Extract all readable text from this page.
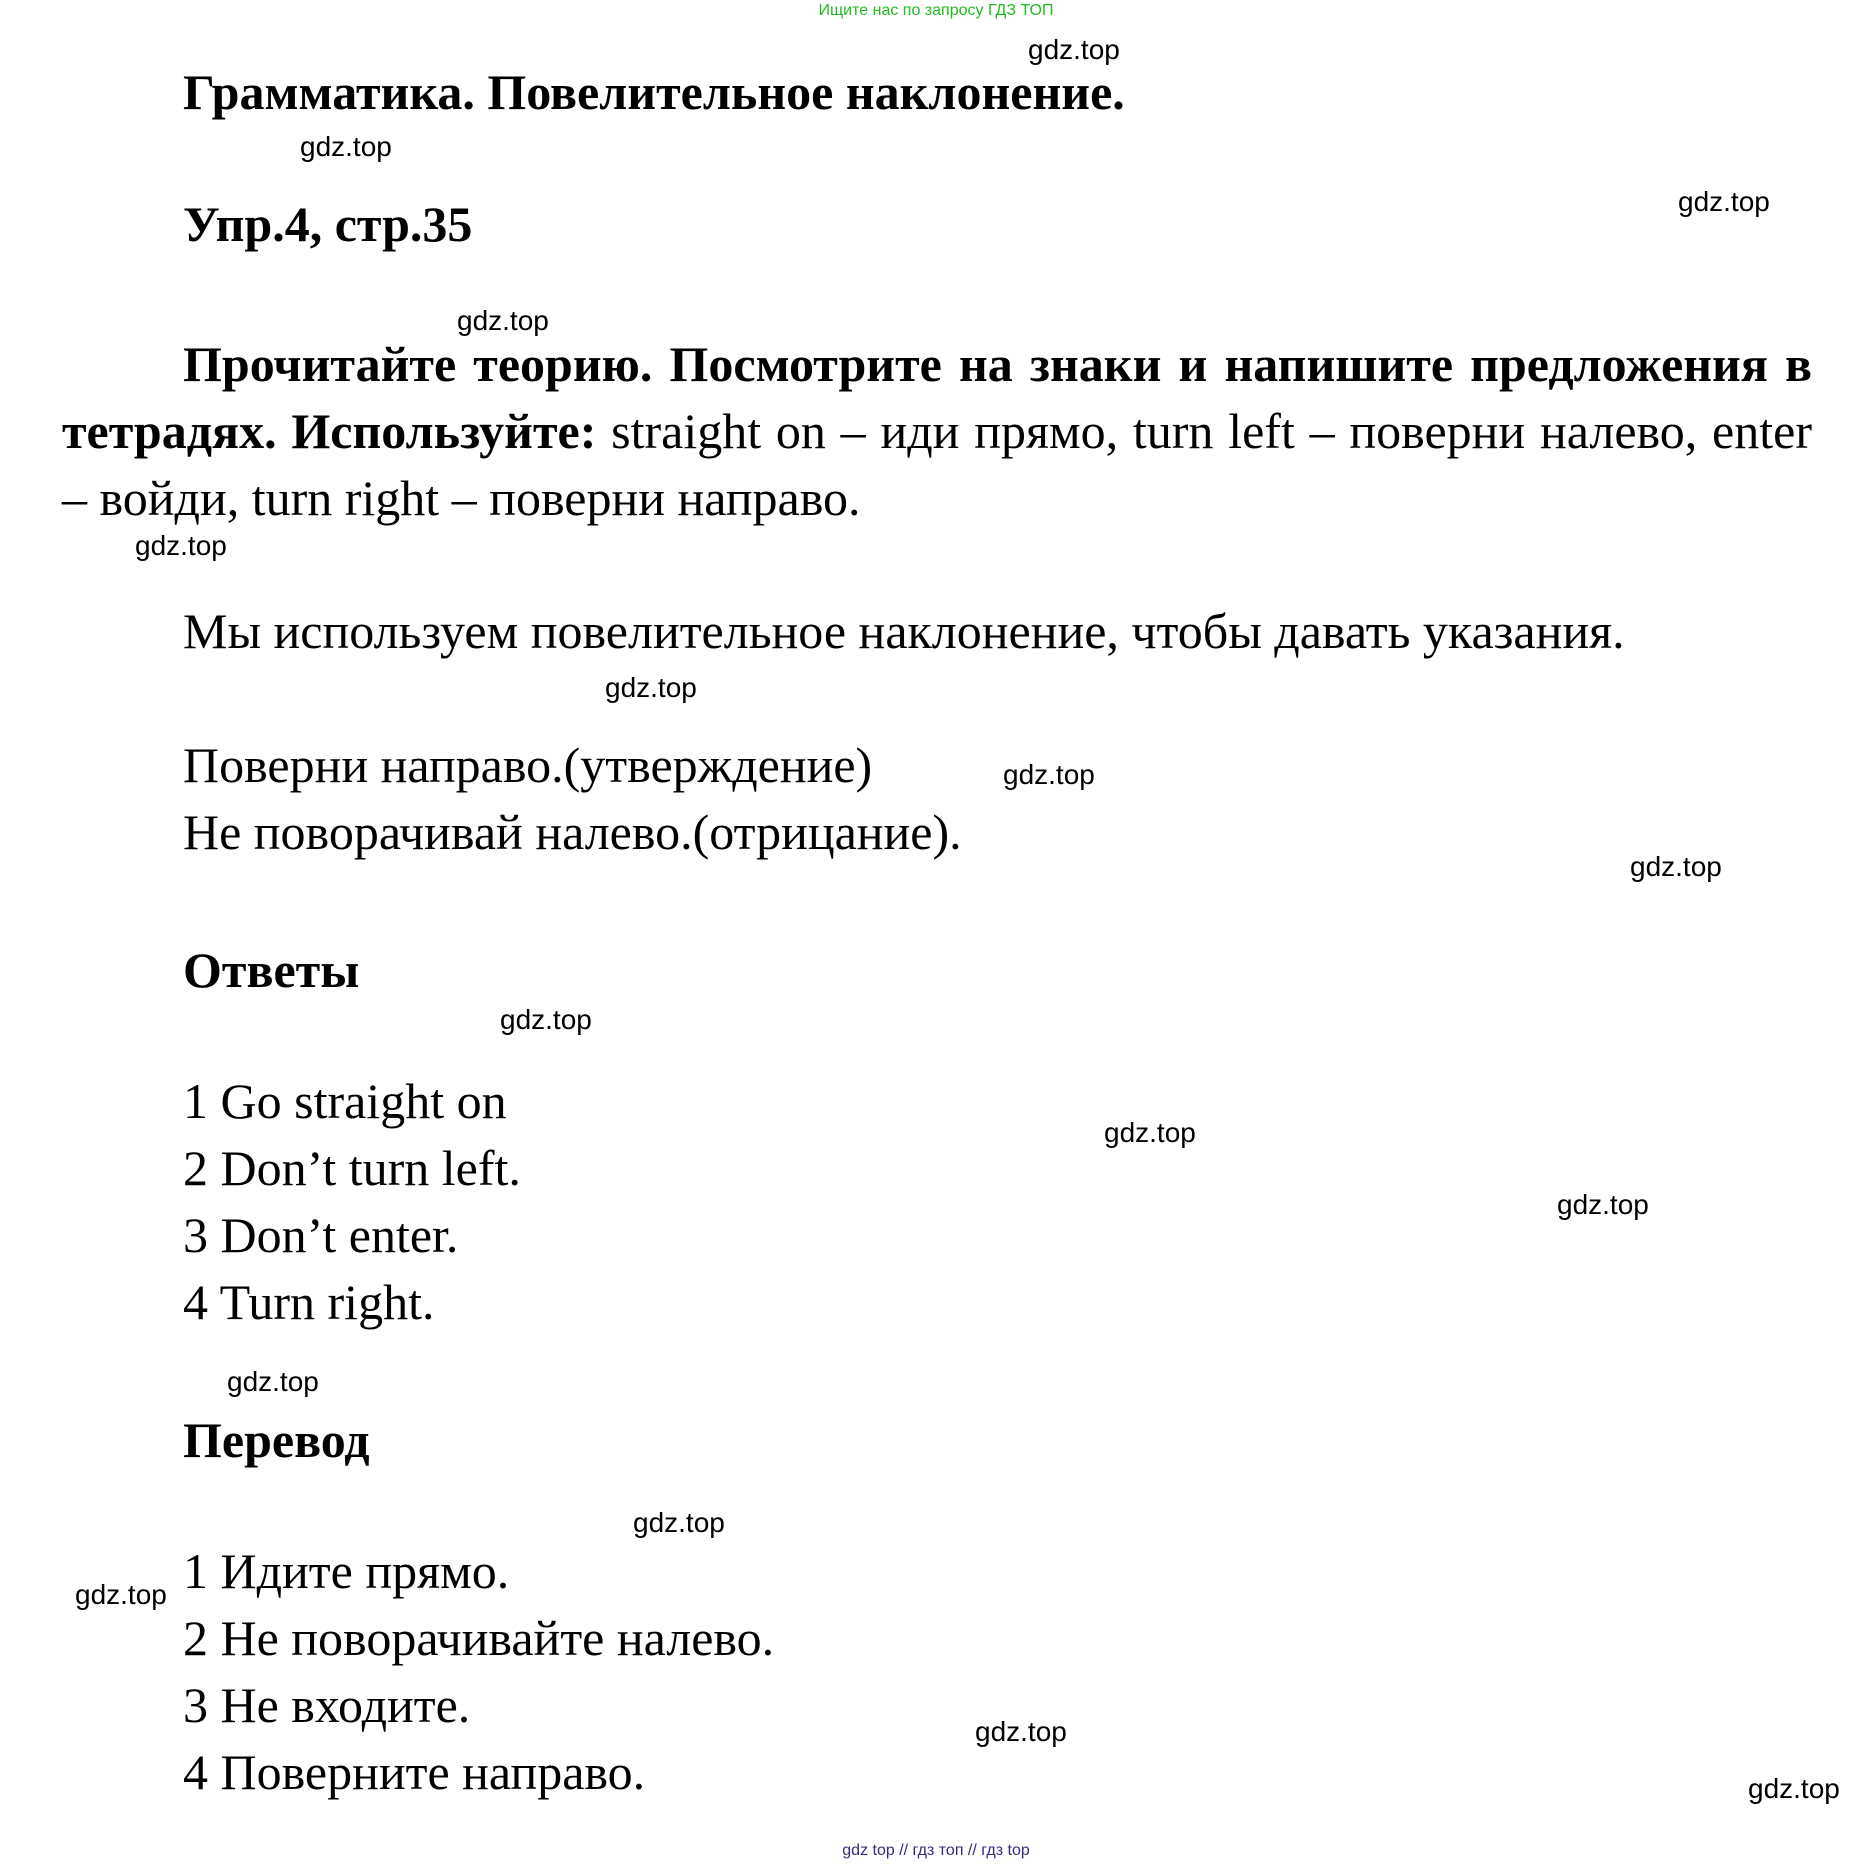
Ищите нас по запросу ГДЗ ТОП
Грамматика. Повелительное наклонение.
Упр.4, стр.35
Прочитайте теорию. Посмотрите на знаки и напишите предложения в тетрадях. Используйте: straight on – иди прямо, turn left – поверни налево, enter – войди, turn right – поверни направо.
Мы используем повелительное наклонение, чтобы давать указания.
Поверни направо.(утверждение)
Не поворачивай налево.(отрицание).
Ответы
1 Go straight on
2 Don’t turn left.
3 Don’t enter.
4 Turn right.
Перевод
1 Идите прямо.
2 Не поворачивайте налево.
3 Не входите.
4 Поверните направо.
gdz.top
gdz.top
gdz.top
gdz.top
gdz.top
gdz.top
gdz.top
gdz.top
gdz.top
gdz.top
gdz.top
gdz.top
gdz.top
gdz.top
gdz.top
gdz.top
gdz top // гдз топ // гдз top
